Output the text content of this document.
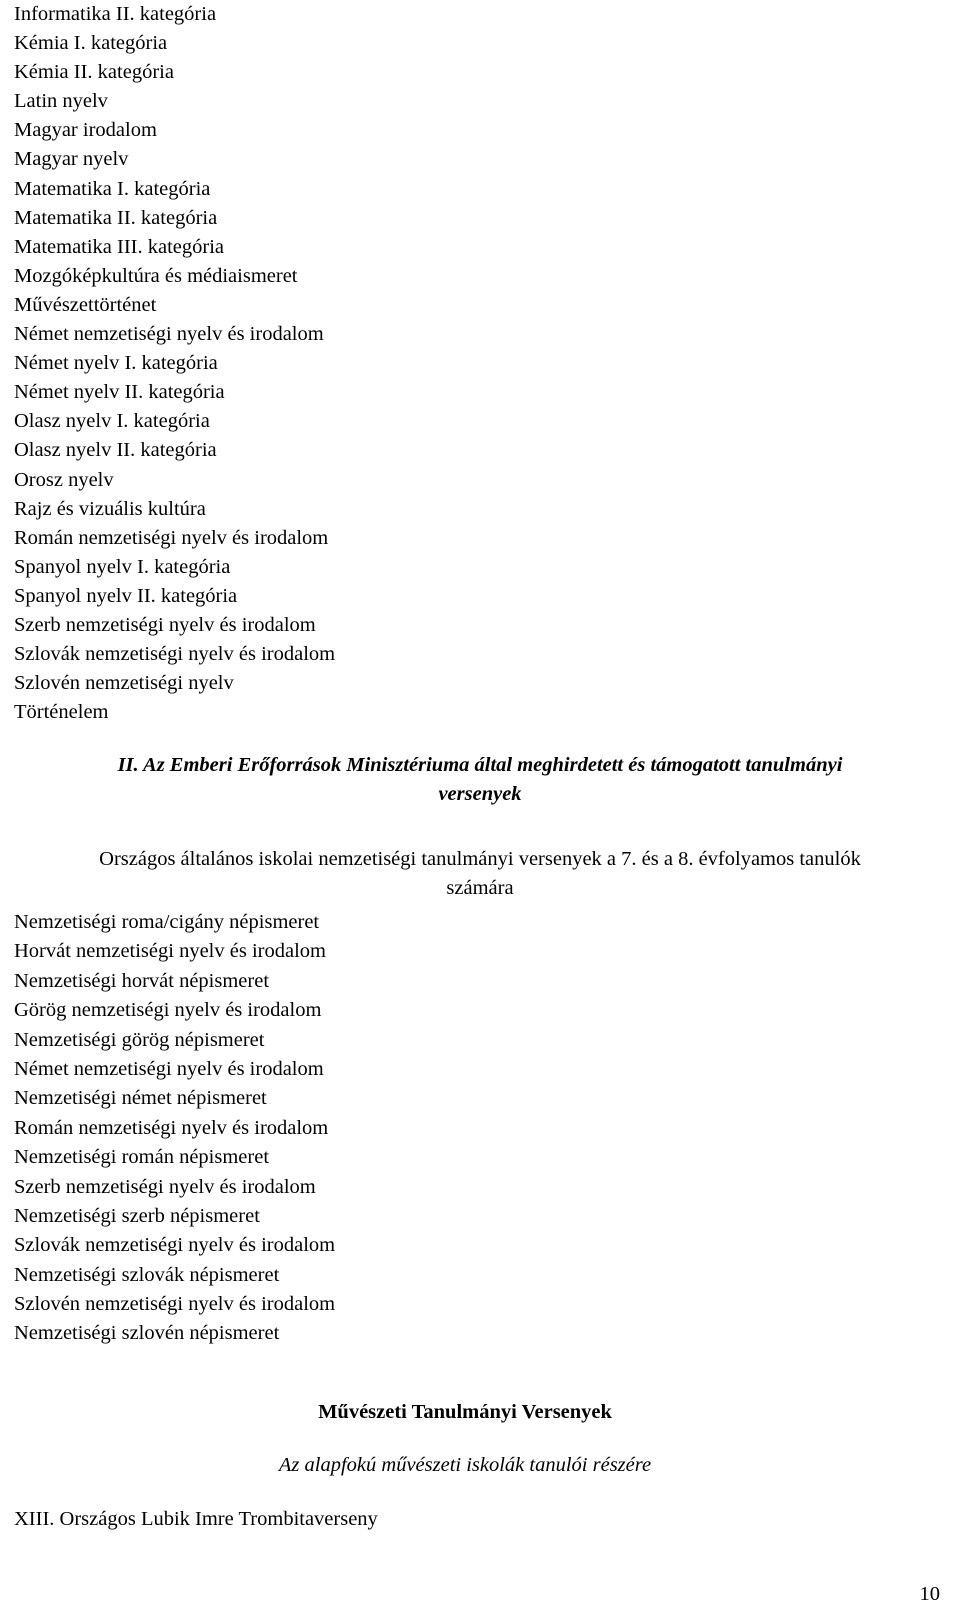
Informatika II. kategória
Kémia I. kategória
Kémia II. kategória
Latin nyelv
Magyar irodalom
Magyar nyelv
Matematika I. kategória
Matematika II. kategória
Matematika III. kategória
Mozgóképkultúra és médiaismeret
Művészettörténet
Német nemzetiségi nyelv és irodalom
Német nyelv I. kategória
Német nyelv II. kategória
Olasz nyelv I. kategória
Olasz nyelv II. kategória
Orosz nyelv
Rajz és vizuális kultúra
Román nemzetiségi nyelv és irodalom
Spanyol nyelv I. kategória
Spanyol nyelv II. kategória
Szerb nemzetiségi nyelv és irodalom
Szlovák nemzetiségi nyelv és irodalom
Szlovén nemzetiségi nyelv
Történelem
II. Az Emberi Erőforrások Minisztériuma által meghirdetett és támogatott tanulmányi
versenyek
Országos általános iskolai nemzetiségi tanulmányi versenyek a 7. és a 8. évfolyamos tanulók
számára
Nemzetiségi roma/cigány népismeret
Horvát nemzetiségi nyelv és irodalom
Nemzetiségi horvát népismeret
Görög nemzetiségi nyelv és irodalom
Nemzetiségi görög népismeret
Német nemzetiségi nyelv és irodalom
Nemzetiségi német népismeret
Román nemzetiségi nyelv és irodalom
Nemzetiségi román népismeret
Szerb nemzetiségi nyelv és irodalom
Nemzetiségi szerb népismeret
Szlovák nemzetiségi nyelv és irodalom
Nemzetiségi szlovák népismeret
Szlovén nemzetiségi nyelv és irodalom
Nemzetiségi szlovén népismeret
Művészeti Tanulmányi Versenyek
Az alapfokú művészeti iskolák tanulói részére
XIII. Országos Lubik Imre Trombitaverseny
10
